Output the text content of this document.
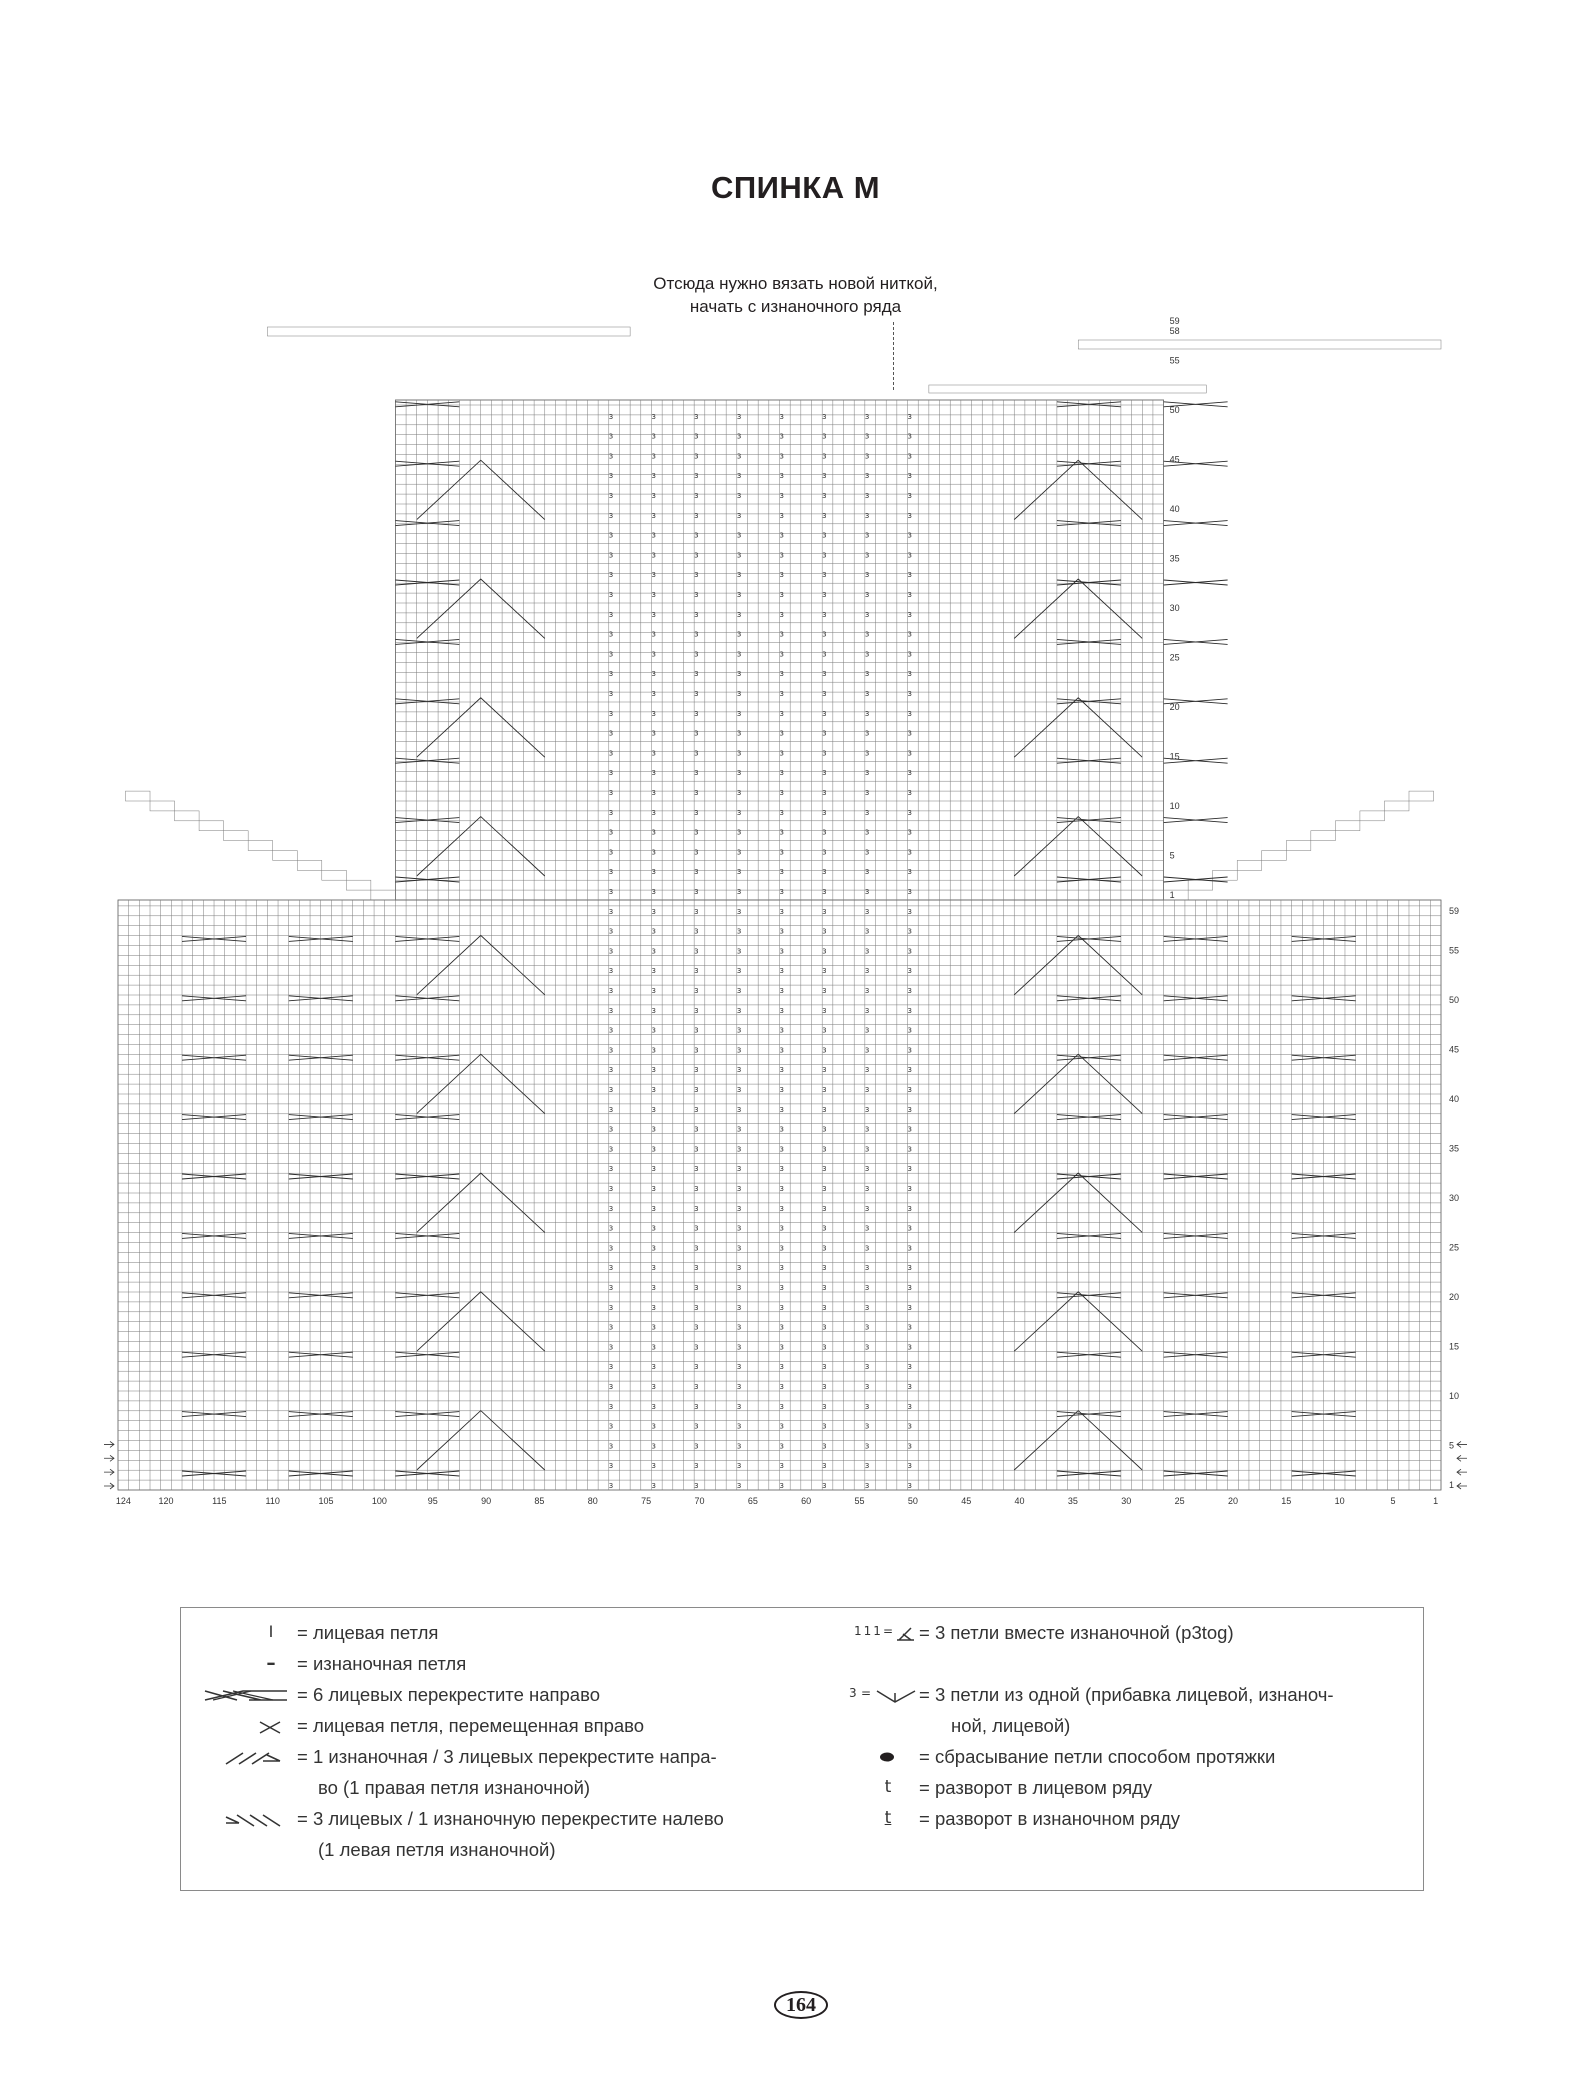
СПИНКА М
Отсюда нужно вязать новой ниткой,
начать с изнаночного ряда
3
3
3
3
3
3
3
3
3
3
3
3
3
3
3
3
3
3
3
3
3
3
3
3
3
3
3
3
3
3
3
3
3
3
3
3
3
3
3
3
3
3
3
3
3
3
3
3
3
3
3
3
3
3
3
3
3
3
3
3
3
3
3
3
3
3
3
3
3
3
3
3
3
3
3
3
3
3
3
3
3
3
3
3
3
3
3
3
3
3
3
3
3
3
3
3
3
3
3
3
3
3
3
3
3
3
3
3
3
3
3
3
3
3
3
3
3
3
3
3
3
3
3
3
3
3
3
3
3
3
3
3
3
3
3
3
3
3
3
3
3
3
3
3
3
3
3
3
3
3
3
3
3
3
3
3
3
3
3
3
3
3
3
3
3
3
3
3
3
3
3
3
3
3
3
3
3
3
3
3
3
3
3
3
3
3
3
3
3
3
3
3
3
3
3
3
3
3
3
3
3
3
3
3
3
3
3
3
3
3
3
3
3
3
3
3
3
3
3
3
3
3
3
3
3
3
3
3
3
3
3
3
3
3
3
3
3
3
3
3
3
3
3
3
3
3
3
3
3
3
3
3
3
3
3
3
3
3
3
3
3
3
3
3
3
3
3
3
3
3
3
3
3
3
3
3
3
3
3
3
3
3
3
3
3
3
3
3
3
3
3
3
3
3
3
3
3
3
3
3
3
3
3
3
3
3
3
3
3
3
3
3
3
3
3
3
3
3
3
3
3
3
3
3
3
3
3
3
3
3
3
3
3
3
3
3
3
3
3
3
3
3
3
3
3
3
3
3
3
3
3
3
3
3
3
3
3
3
3
3
3
3
3
3
3
3
3
3
3
3
3
3
3
3
3
3
3
3
3
3
3
3
3
3
3
3
3
3
3
3
3
3
3
3
3
3
3
3
3
3
3
3
3
3
3
3
3
3
3
3
3
3
3
3
3
3
3
3
3
3
3
3
3
3
3
3
3
3
3
3
3
3
3
3
3
3
3
3
3
3
124	120	115	110	105	100	95	90	85	80	75	70	65	60	55	50	45	40	35	30	25	20	15	10	5	1
1
5
10
15
20
25
30
35
40
45
50
55
59
1
5
10
15
20
25
30
35
40
45
50
55
58
59
I	= лицевая петля
– = изнаночная петля
= 6 лицевых перекрестите направо
= лицевая петля, перемещенная вправо
= 1 изнаночная / 3 лицевых перекрестите напра-
во (1 правая петля изнаночной)
= 3 лицевых / 1 изнаночную перекрестите налево
(1 левая петля изнаночной)
111 = = 3 петли вместе изнаночной (p3tog)
3 =	= 3 петли из одной (прибавка лицевой, изнаноч-
ной, лицевой)
= сбрасывание петли способом протяжки
t = разворот в лицевом ряду
t = разворот в изнаночном ряду
164
